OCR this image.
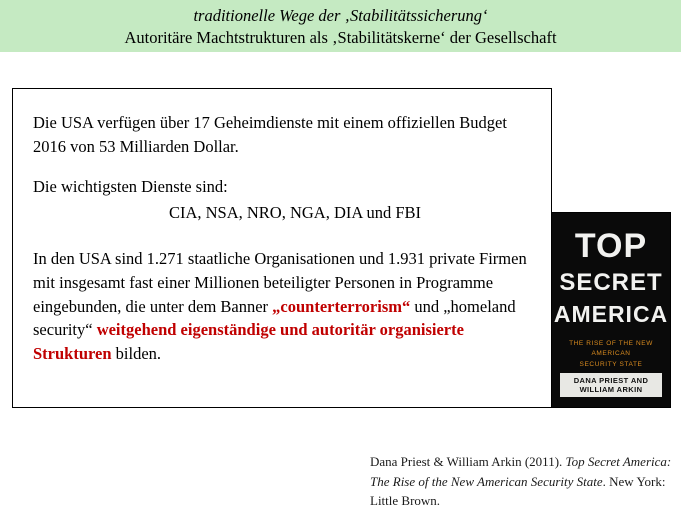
traditionelle Wege der ‚Stabilitätssicherung‘
Autoritäre Machtstrukturen als ‚Stabilitätskerne‘ der Gesellschaft

Die USA verfügen über 17 Geheimdienste mit einem offiziellen Budget 2016 von 53 Milliarden Dollar.

Die wichtigsten Dienste sind:

CIA, NSA, NRO, NGA, DIA und FBI

In den USA sind 1.271 staatliche Organisationen und 1.931 private Firmen mit insgesamt fast einer Millionen beteiligter Personen in Programme eingebunden, die unter dem Banner „counterterrorism“ und „homeland security“ weitgehend eigenständige und autoritär organisierte Strukturen bilden.

TOP
SECRET
AMERICA
THE RISE OF THE NEW AMERICAN
SECURITY STATE
DANA PRIEST AND WILLIAM ARKIN
Dana Priest & William Arkin (2011). Top Secret America: The Rise of the New American Security State. New York: Little Brown.
